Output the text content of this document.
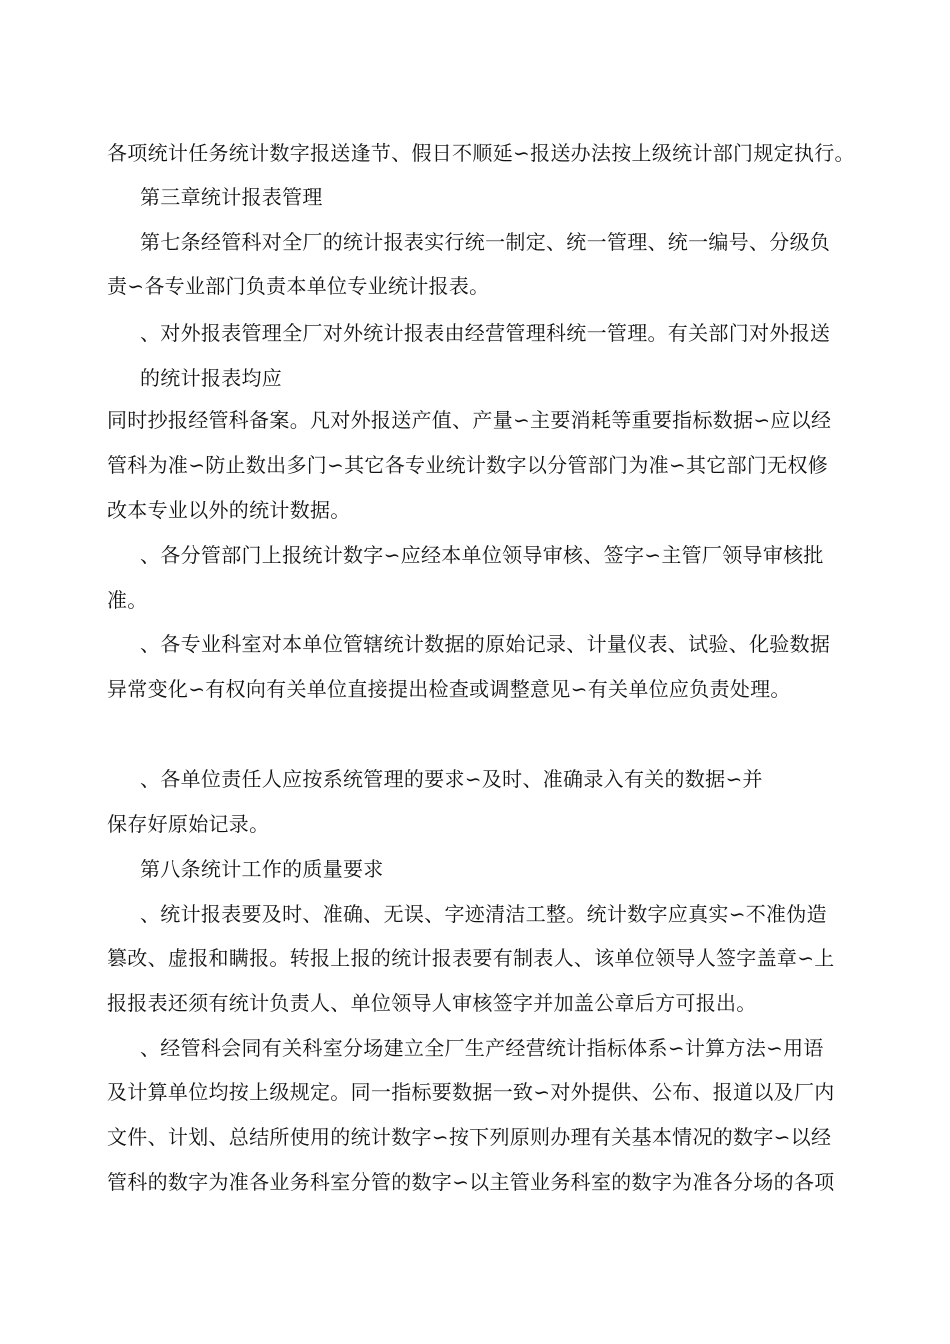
各项统计任务统计数字报送逢节、假日不顺延∽报送办法按上级统计部门规定执行。
第三章统计报表管理
第七条经管科对全厂的统计报表实行统一制定、统一管理、统一编号、分级负
责∽各专业部门负责本单位专业统计报表。
、对外报表管理全厂对外统计报表由经营管理科统一管理。有关部门对外报送
的统计报表均应
同时抄报经管科备案。凡对外报送产值、产量∽主要消耗等重要指标数据∽应以经
管科为准∽防止数出多门∽其它各专业统计数字以分管部门为准∽其它部门无权修
改本专业以外的统计数据。
、各分管部门上报统计数字∽应经本单位领导审核、签字∽主管厂领导审核批
准。
、各专业科室对本单位管辖统计数据的原始记录、计量仪表、试验、化验数据
异常变化∽有权向有关单位直接提出检查或调整意见∽有关单位应负责处理。
、各单位责任人应按系统管理的要求∽及时、准确录入有关的数据∽并
保存好原始记录。
第八条统计工作的质量要求
、统计报表要及时、准确、无误、字迹清洁工整。统计数字应真实∽不准伪造
篡改、虚报和瞒报。转报上报的统计报表要有制表人、该单位领导人签字盖章∽上
报报表还须有统计负责人、单位领导人审核签字并加盖公章后方可报出。
、经管科会同有关科室分场建立全厂生产经营统计指标体系∽计算方法∽用语
及计算单位均按上级规定。同一指标要数据一致∽对外提供、公布、报道以及厂内
文件、计划、总结所使用的统计数字∽按下列原则办理有关基本情况的数字∽以经
管科的数字为准各业务科室分管的数字∽以主管业务科室的数字为准各分场的各项
